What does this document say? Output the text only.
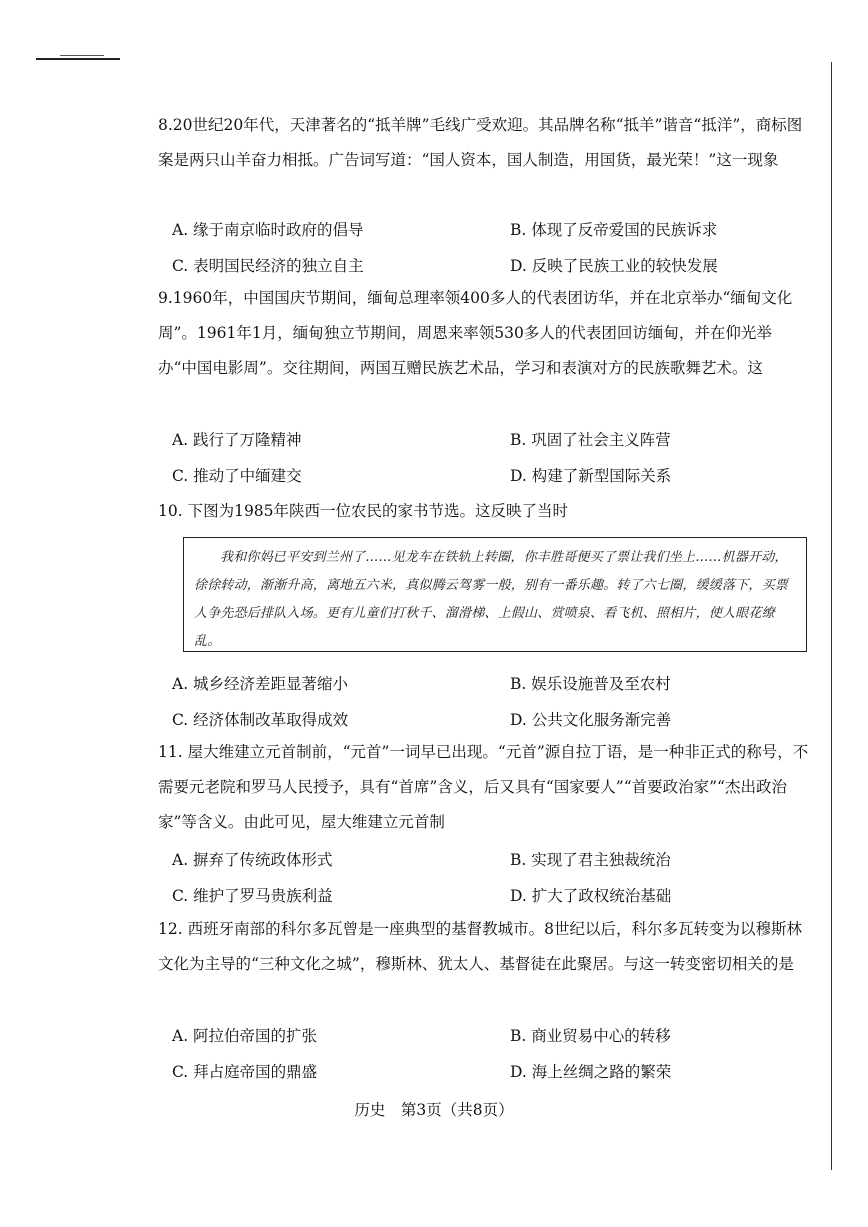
8.20世纪20年代，天津著名的“抵羊牌”毛线广受欢迎。其品牌名称“抵羊”谐音“抵洋”，商标图案是两只山羊奋力相抵。广告词写道：“国人资本，国人制造，用国货，最光荣！”这一现象
A. 缘于南京临时政府的倡导	B. 体现了反帝爱国的民族诉求
C. 表明国民经济的独立自主	D. 反映了民族工业的较快发展
9.1960年，中国国庆节期间，缅甸总理率领400多人的代表团访华，并在北京举办“缅甸文化周”。1961年1月，缅甸独立节期间，周恩来率领530多人的代表团回访缅甸，并在仰光举办“中国电影周”。交往期间，两国互赠民族艺术品，学习和表演对方的民族歌舞艺术。这
A. 践行了万隆精神	B. 巩固了社会主义阵营
C. 推动了中缅建交	D. 构建了新型国际关系
10. 下图为1985年陕西一位农民的家书节选。这反映了当时
我和你妈已平安到兰州了……见龙车在铁轨上转圈，你丰胜哥便买了票让我们坐上……机器开动，徐徐转动，渐渐升高，离地五六米，真似腾云驾雾一般，别有一番乐趣。转了六七圈，缓缓落下，买票人争先恐后排队入场。更有儿童们打秋千、溜滑梯、上假山、赏喷泉、看飞机、照相片，使人眼花缭乱。
A. 城乡经济差距显著缩小	B. 娱乐设施普及至农村
C. 经济体制改革取得成效	D. 公共文化服务渐完善
11. 屋大维建立元首制前，“元首”一词早已出现。“元首”源自拉丁语，是一种非正式的称号，不需要元老院和罗马人民授予，具有“首席”含义，后又具有“国家要人”“首要政治家”“杰出政治家”等含义。由此可见，屋大维建立元首制
A. 摒弃了传统政体形式	B. 实现了君主独裁统治
C. 维护了罗马贵族利益	D. 扩大了政权统治基础
12. 西班牙南部的科尔多瓦曾是一座典型的基督教城市。8世纪以后，科尔多瓦转变为以穆斯林文化为主导的“三种文化之城”，穆斯林、犹太人、基督徒在此聚居。与这一转变密切相关的是
A. 阿拉伯帝国的扩张	B. 商业贸易中心的转移
C. 拜占庭帝国的鼎盛	D. 海上丝绸之路的繁荣
历史　第3页（共8页）
